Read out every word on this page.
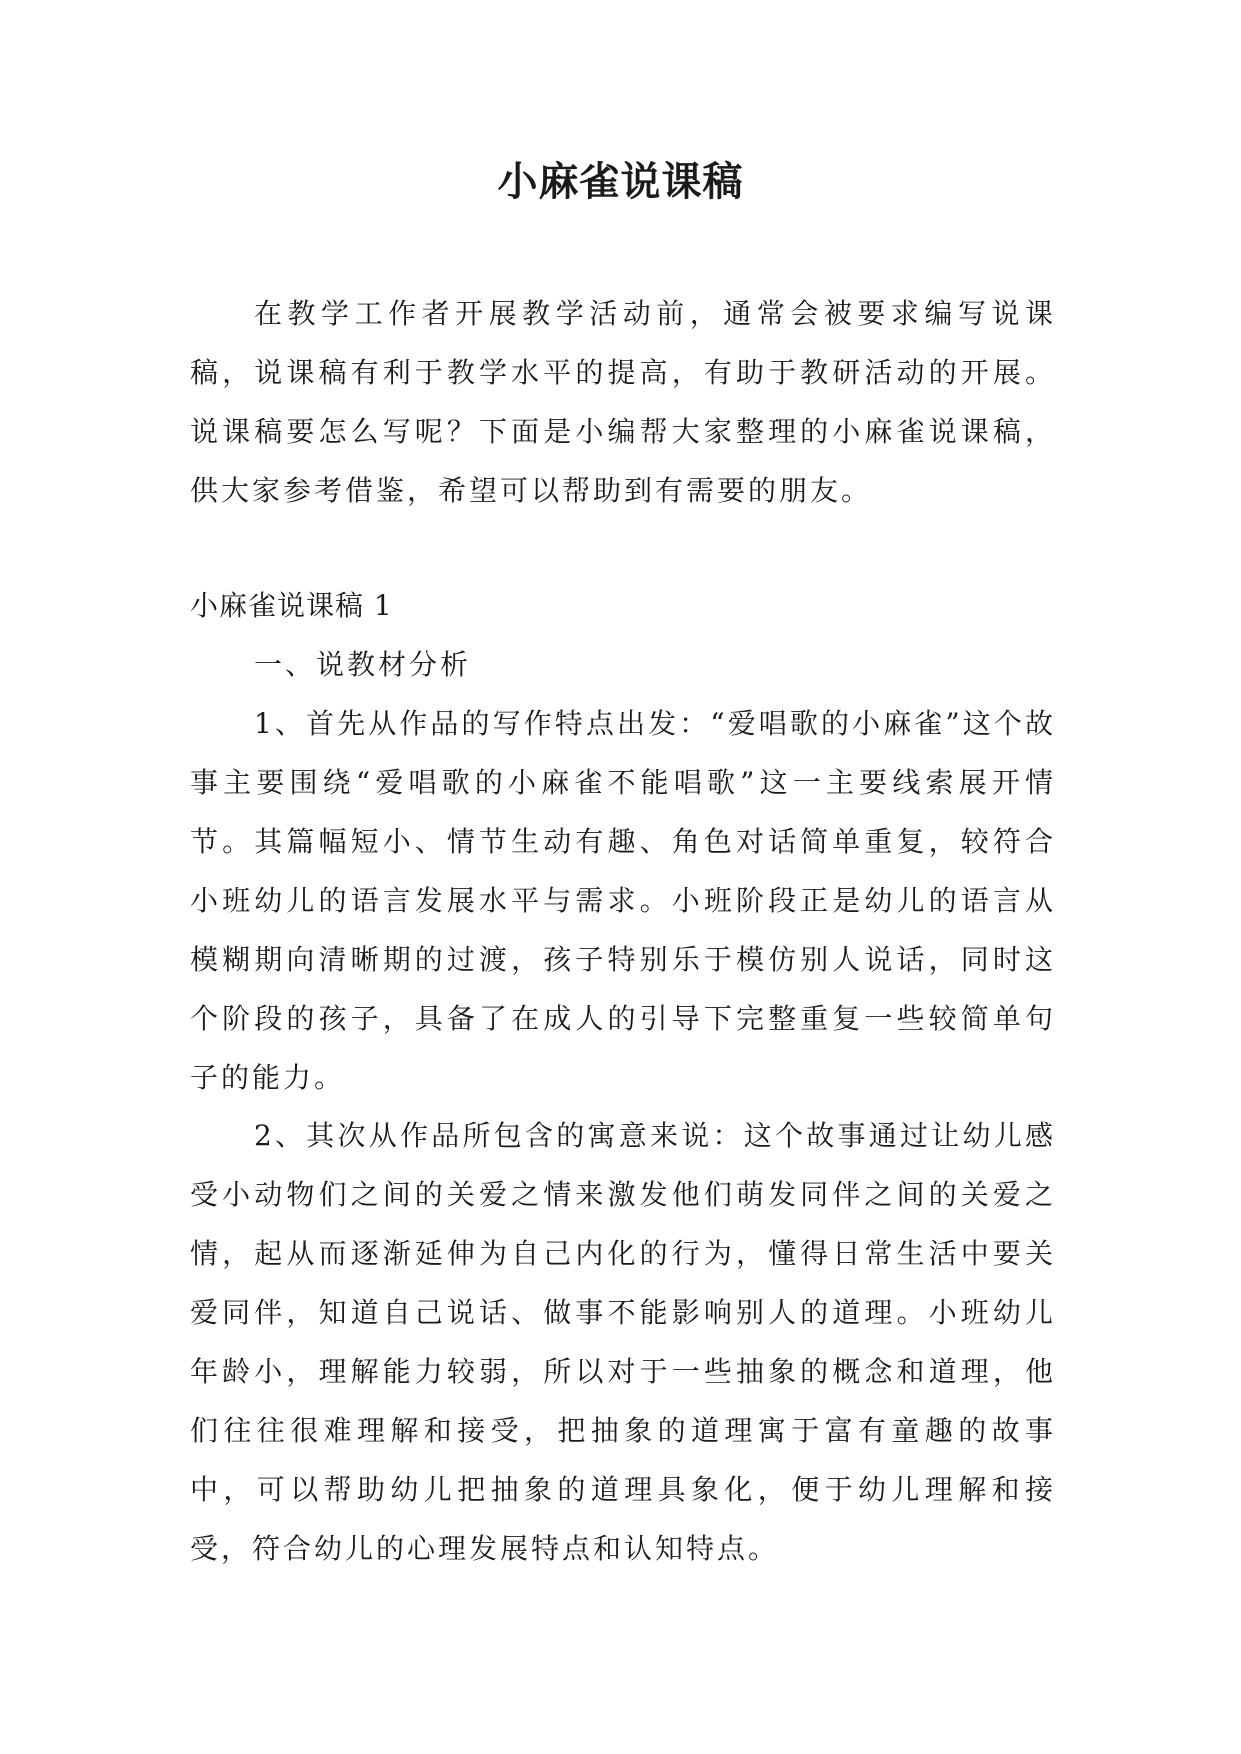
小麻雀说课稿

在教学工作者开展教学活动前，通常会被要求编写说课稿，说课稿有利于教学水平的提高，有助于教研活动的开展。说课稿要怎么写呢？下面是小编帮大家整理的小麻雀说课稿，供大家参考借鉴，希望可以帮助到有需要的朋友。

小麻雀说课稿 1

一、说教材分析

1、首先从作品的写作特点出发：“爱唱歌的小麻雀”这个故事主要围绕“爱唱歌的小麻雀不能唱歌”这一主要线索展开情节。其篇幅短小、情节生动有趣、角色对话简单重复，较符合小班幼儿的语言发展水平与需求。小班阶段正是幼儿的语言从模糊期向清晰期的过渡，孩子特别乐于模仿别人说话，同时这个阶段的孩子，具备了在成人的引导下完整重复一些较简单句子的能力。

2、其次从作品所包含的寓意来说：这个故事通过让幼儿感受小动物们之间的关爱之情来激发他们萌发同伴之间的关爱之情，起从而逐渐延伸为自己内化的行为，懂得日常生活中要关爱同伴，知道自己说话、做事不能影响别人的道理。小班幼儿年龄小，理解能力较弱，所以对于一些抽象的概念和道理，他们往往很难理解和接受，把抽象的道理寓于富有童趣的故事中，可以帮助幼儿把抽象的道理具象化，便于幼儿理解和接受，符合幼儿的心理发展特点和认知特点。
